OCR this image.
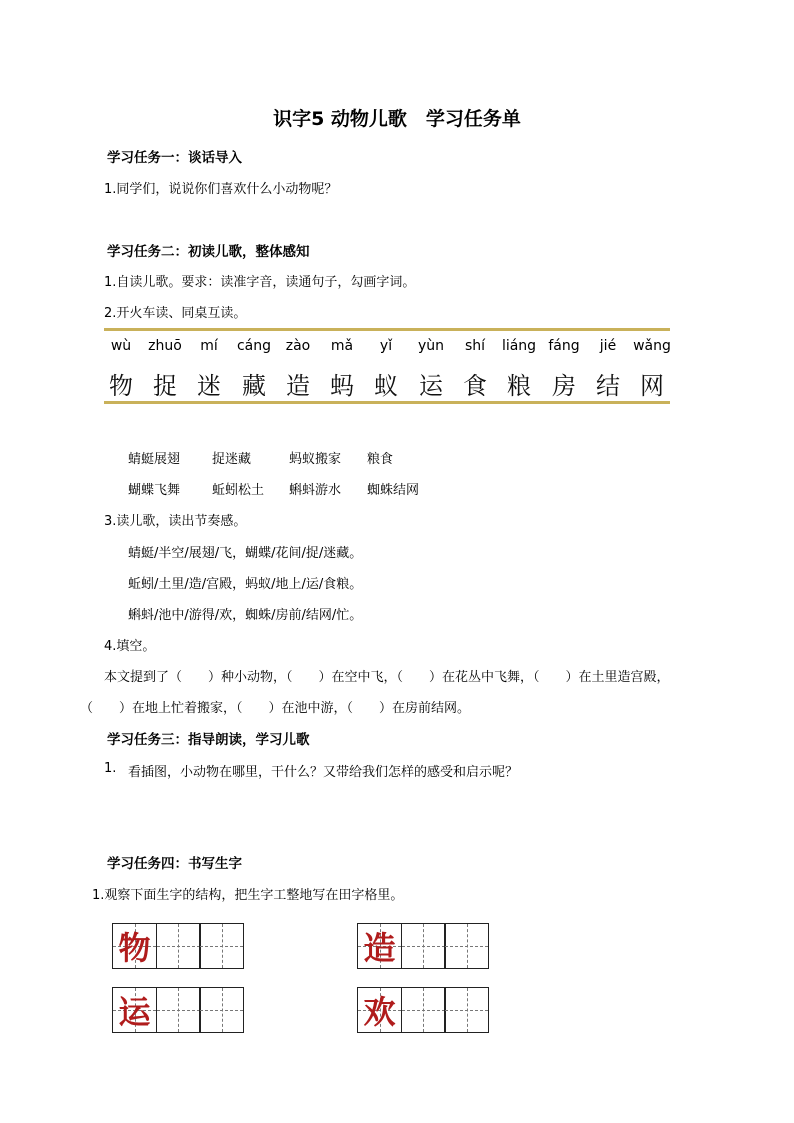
识字5 动物儿歌　学习任务单
学习任务一：谈话导入
1.同学们，说说你们喜欢什么小动物呢？
学习任务二：初读儿歌，整体感知
1.自读儿歌。要求：读准字音，读通句子，勾画字词。
2.开火车读、同桌互读。
wù zhuō mí cáng zào mǎ yǐ yùn shí liáng fáng jié wǎng
物 捉 迷 藏 造 蚂 蚁 运 食 粮 房 结 网
蜻蜓展翅 捉迷藏	蚂蚁搬家 粮食
蝴蝶飞舞 蚯蚓松土 蝌蚪游水 蜘蛛结网
3.读儿歌，读出节奏感。
蜻蜓/半空/展翅/飞，蝴蝶/花间/捉/迷藏。
蚯蚓/土里/造/宫殿，蚂蚁/地上/运/食粮。
蝌蚪/池中/游得/欢，蜘蛛/房前/结网/忙。
4.填空。
本文提到了（　　）种小动物，（　　）在空中飞，（　　）在花丛中飞舞，（　　）在土里造宫殿，
（　　）在地上忙着搬家，（　　）在池中游，（　　）在房前结网。
学习任务三：指导朗读，学习儿歌
1. 看插图，小动物在哪里，干什么？又带给我们怎样的感受和启示呢？
学习任务四：书写生字
1.观察下面生字的结构，把生字工整地写在田字格里。
物	造
运	欢
